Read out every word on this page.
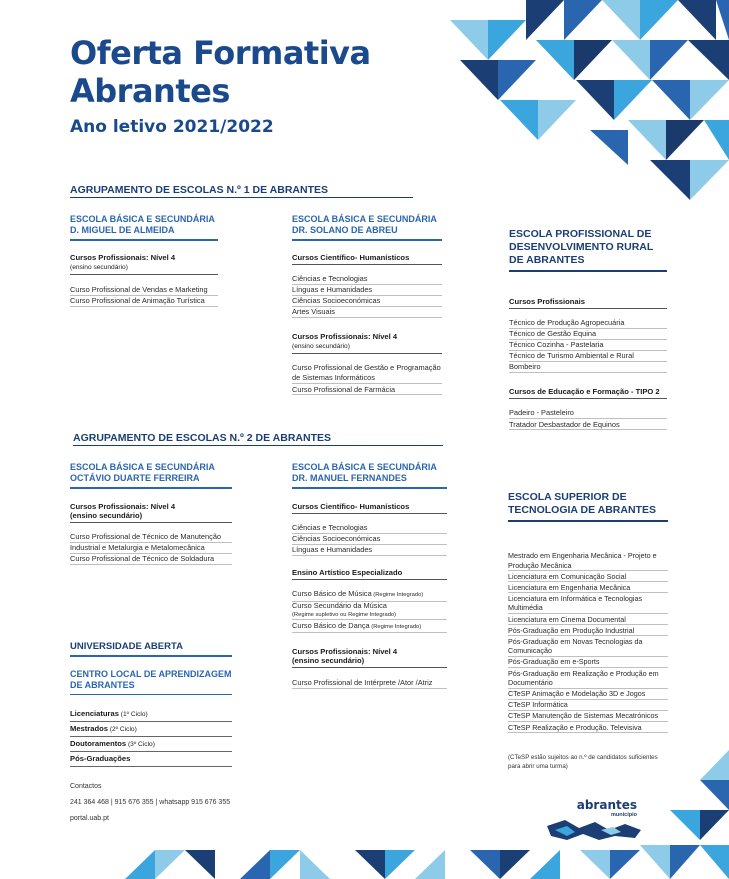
Oferta Formativa
Abrantes
Ano letivo 2021/2022
AGRUPAMENTO DE ESCOLAS N.º 1 DE ABRANTES
ESCOLA BÁSICA E SECUNDÁRIA
D. MIGUEL DE ALMEIDA
Cursos Profissionais: Nível 4
(ensino secundário)
Curso Profissional de Vendas e Marketing
Curso Profissional de Animação Turística
ESCOLA BÁSICA E SECUNDÁRIA
DR. SOLANO DE ABREU
Cursos Científico- Humanísticos
Ciências e Tecnologias
Línguas e Humanidades
Ciências Socioeconómicas
Artes Visuais
Cursos Profissionais: Nível 4
(ensino secundário)
Curso Profissional de Gestão e Programação
de Sistemas Informáticos
Curso Profissional de Farmácia
AGRUPAMENTO DE ESCOLAS N.º 2 DE ABRANTES
ESCOLA BÁSICA E SECUNDÁRIA
OCTÁVIO DUARTE FERREIRA
Cursos Profissionais: Nível 4
(ensino secundário)
Curso Profissional de Técnico de Manutenção
Industrial e Metalurgia e Metalomecânica
Curso Profissional de Técnico de Soldadura
ESCOLA BÁSICA E SECUNDÁRIA
DR. MANUEL FERNANDES
Cursos Científico- Humanísticos
Ciências e Tecnologias
Ciências Socioeconómicas
Línguas e Humanidades
Ensino Artístico Especializado
Curso Básico de Música (Regime Integrado)
Curso Secundário da Música
(Regime supletivo ou Regime Integrado)
Curso Básico de Dança (Regime Integrado)
Cursos Profissionais: Nível 4
(ensino secundário)
Curso Profissional de Intérprete /Ator /Atriz
ESCOLA PROFISSIONAL DE
DESENVOLVIMENTO RURAL
DE ABRANTES
Cursos Profissionais
Técnico de Produção Agropecuária
Técnico de Gestão Equina
Técnico Cozinha - Pastelaria
Técnico de Turismo Ambiental e Rural
Bombeiro
Cursos de Educação e Formação - TIPO 2
Padeiro - Pasteleiro
Tratador Desbastador de Equinos
ESCOLA SUPERIOR DE
TECNOLOGIA DE ABRANTES
Mestrado em Engenharia Mecânica - Projeto e Produção Mecânica
Licenciatura em Comunicação Social
Licenciatura em Engenharia Mecânica
Licenciatura em Informática e Tecnologias Multimédia
Licenciatura em Cinema Documental
Pós-Graduação em Produção Industrial
Pós-Graduação em Novas Tecnologias da Comunicação
Pós-Graduação em e-Sports
Pós-Graduação em Realização e Produção em Documentário
CTeSP Animação e Modelação 3D e Jogos
CTeSP Informática
CTeSP Manutenção de Sistemas Mecatrónicos
CTeSP Realização e Produção. Televisiva
(CTeSP estão sujeitos ao n.º de candidatos suficientes
para abrir uma turma)
UNIVERSIDADE ABERTA
CENTRO LOCAL DE APRENDIZAGEM
DE ABRANTES
Licenciaturas (1º Ciclo)
Mestrados (2º Ciclo)
Doutoramentos (3º Ciclo)
Pós-Graduações
Contactos
241 364 468 | 915 676 355 | whatsapp 915 676 355
portal.uab.pt
abrantes
município
